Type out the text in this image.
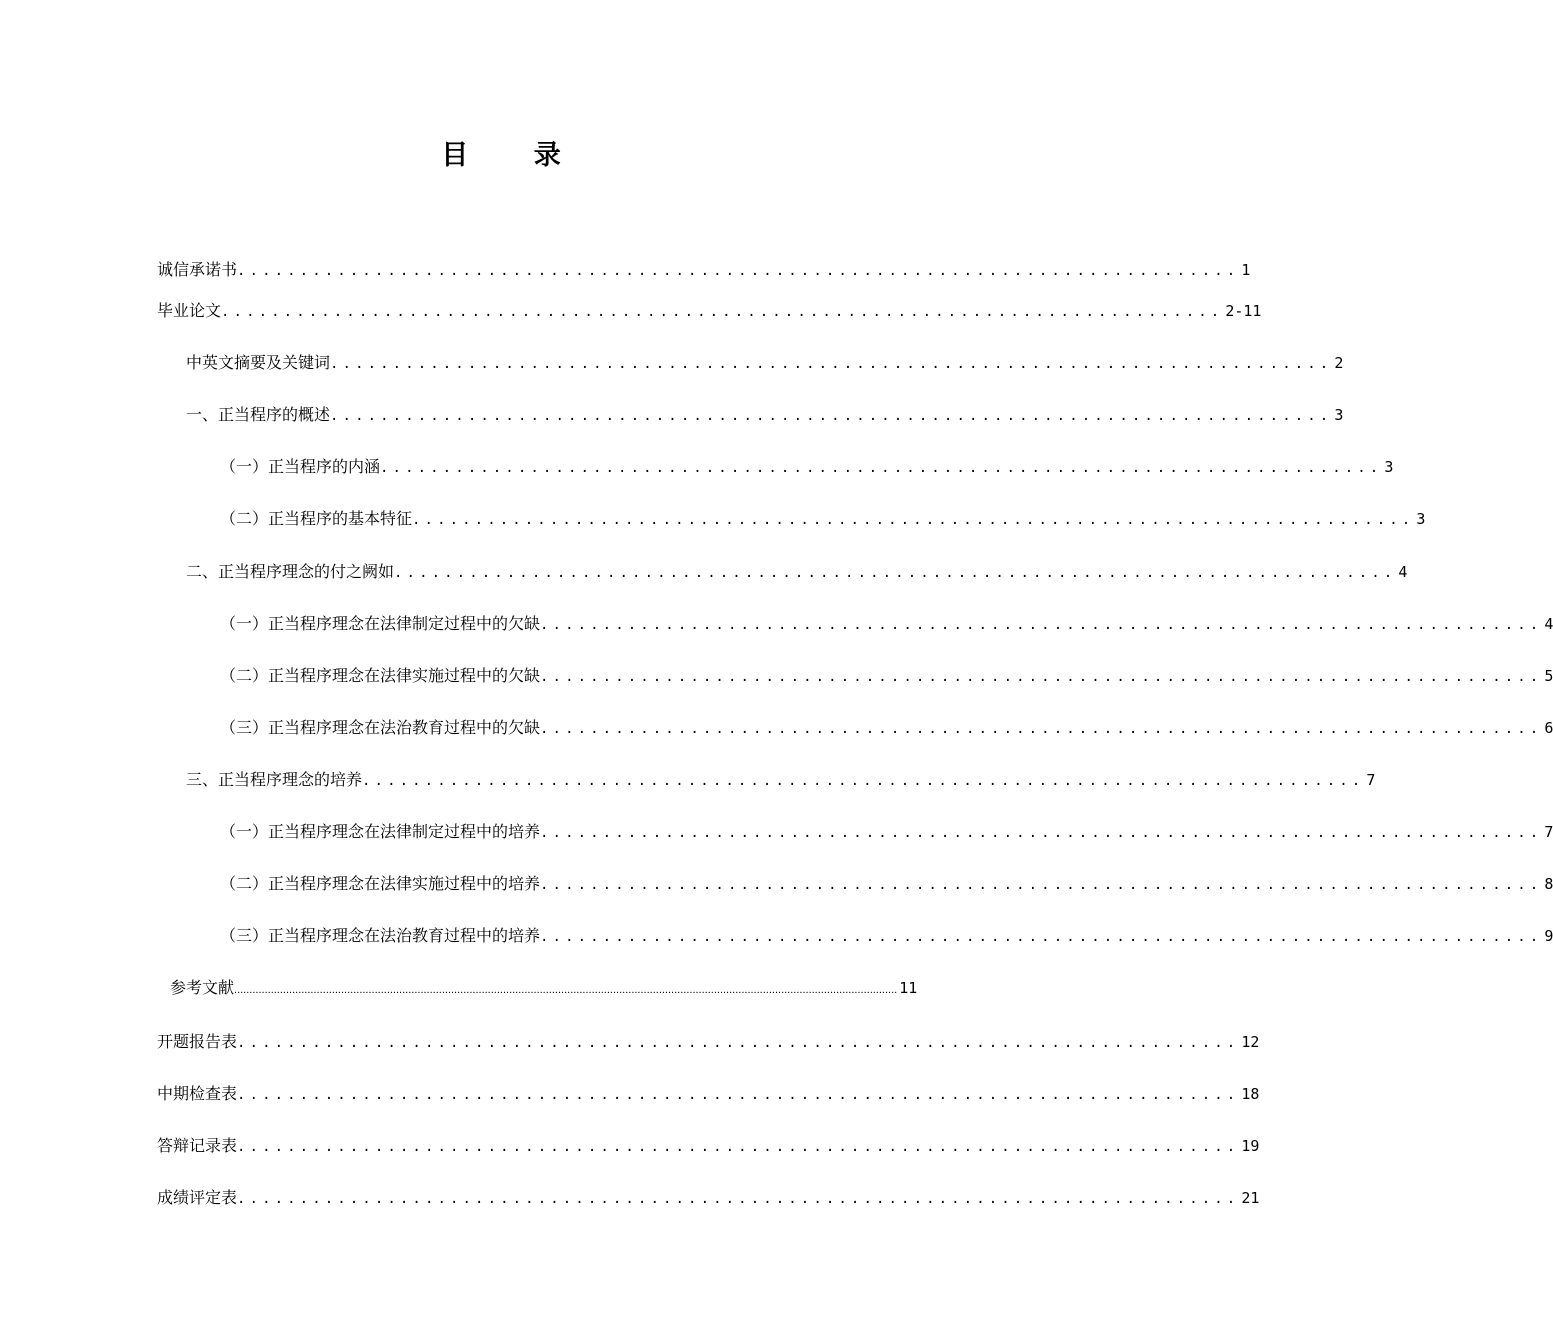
目 录
诚信承诺书 ................................................................................ 1
毕业论文 ................................................................................ 2-11
中英文摘要及关键词 ................................................................................ 2
一、正当程序的概述 ................................................................................ 3
（一）正当程序的内涵 ................................................................................ 3
（二）正当程序的基本特征 ................................................................................ 3
二、正当程序理念的付之阙如 ................................................................................ 4
（一）正当程序理念在法律制定过程中的欠缺 ................................................................................ 4
（二）正当程序理念在法律实施过程中的欠缺 ................................................................................ 5
（三）正当程序理念在法治教育过程中的欠缺 ................................................................................ 6
三、正当程序理念的培养 ................................................................................ 7
（一）正当程序理念在法律制定过程中的培养 ................................................................................ 7
（二）正当程序理念在法律实施过程中的培养 ................................................................................ 8
（三）正当程序理念在法治教育过程中的培养 ................................................................................ 9
参考文献 ......................................................................................................................................................................................................................... 11
开题报告表 ................................................................................ 12
中期检查表 ................................................................................ 18
答辩记录表 ................................................................................ 19
成绩评定表 ................................................................................ 21
